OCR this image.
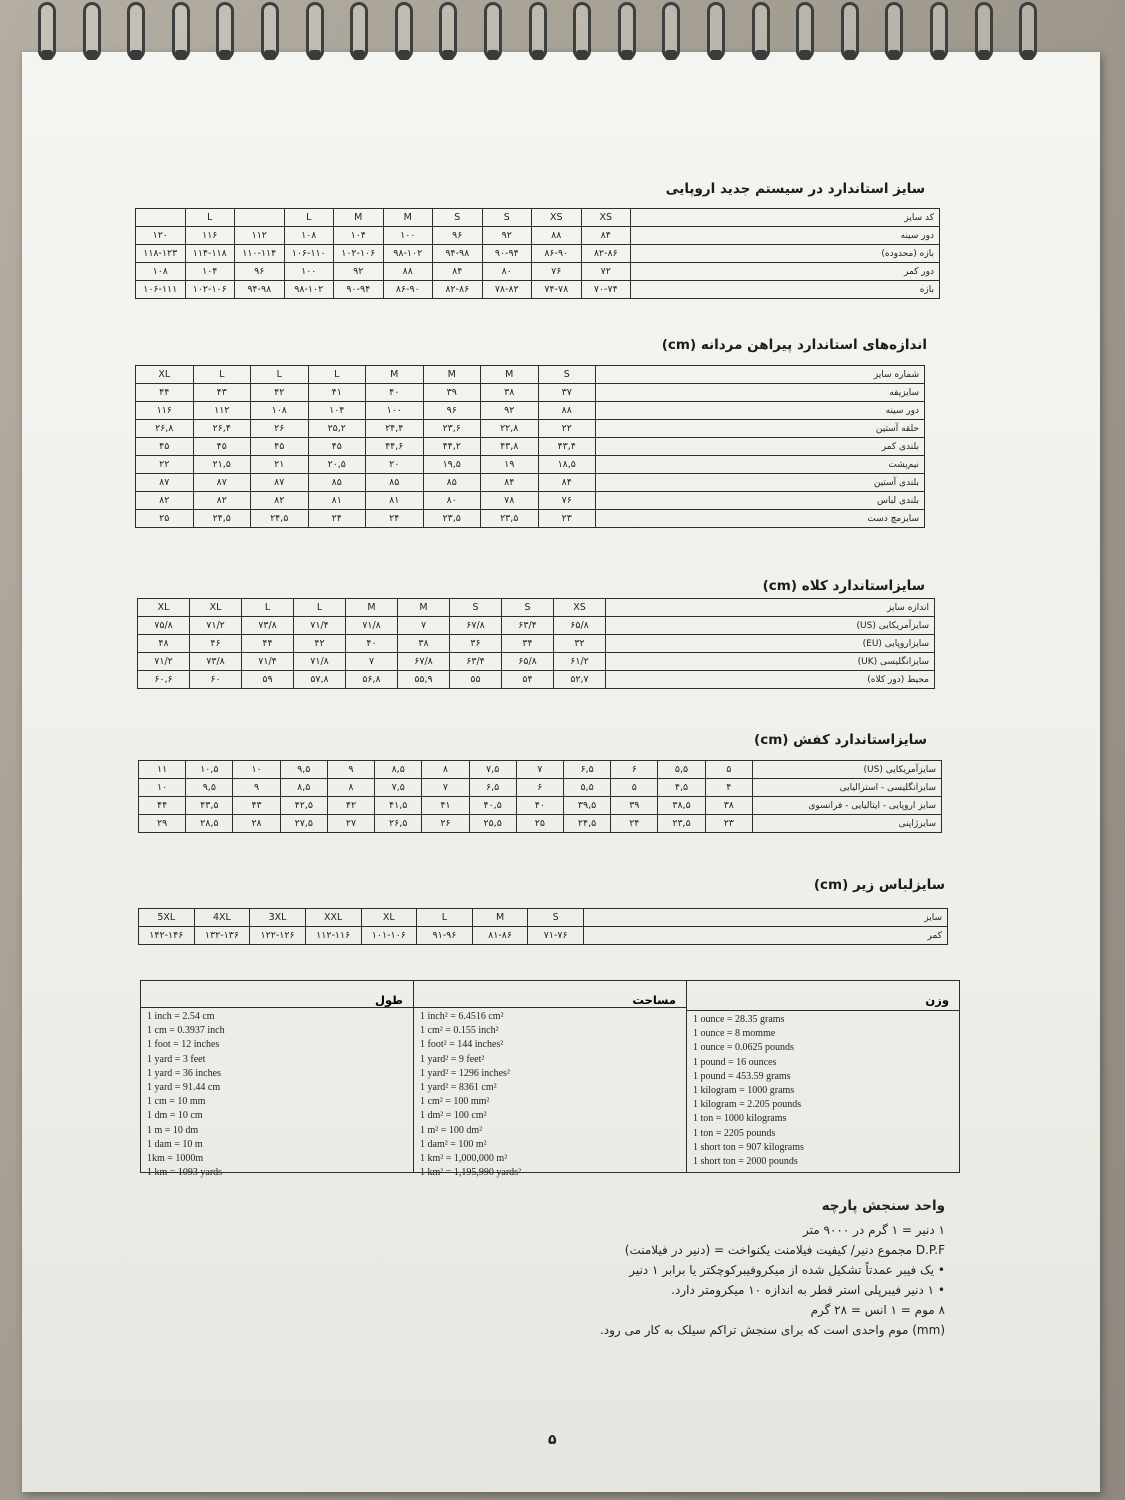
سایز استاندارد در سیستم جدید اروپایی
	L		L	M	M	S	S	XS	XS	کد سایز
۱۲۰	۱۱۶	۱۱۲	۱۰۸	۱۰۴	۱۰۰	۹۶	۹۲	۸۸	۸۴	دور سینه
۱۱۸-۱۲۳	۱۱۴-۱۱۸	۱۱۰-۱۱۴	۱۰۶-۱۱۰	۱۰۲-۱۰۶	۹۸-۱۰۲	۹۴-۹۸	۹۰-۹۴	۸۶-۹۰	۸۲-۸۶	بازه (محدوده)
۱۰۸	۱۰۴	۹۶	۱۰۰	۹۲	۸۸	۸۴	۸۰	۷۶	۷۲	دور کمر
۱۰۶-۱۱۱	۱۰۲-۱۰۶	۹۴-۹۸	۹۸-۱۰۲	۹۰-۹۴	۸۶-۹۰	۸۲-۸۶	۷۸-۸۲	۷۴-۷۸	۷۰-۷۴	بازه
اندازه‌های استاندارد پیراهن مردانه (cm)
XL	L	L	L	M	M	M	S	شماره سایز
۴۴	۴۳	۴۲	۴۱	۴۰	۳۹	۳۸	۳۷	سایزیقه
۱۱۶	۱۱۲	۱۰۸	۱۰۴	۱۰۰	۹۶	۹۲	۸۸	دور سینه
۲۶,۸	۲۶,۴	۲۶	۲۵,۲	۲۴,۴	۲۳,۶	۲۲,۸	۲۲	حلقه آستین
۴۵	۴۵	۴۵	۴۵	۴۴,۶	۴۴,۲	۴۳,۸	۴۳,۴	بلندی کمر
۲۲	۲۱,۵	۲۱	۲۰,۵	۲۰	۱۹,۵	۱۹	۱۸,۵	نیم‌پشت
۸۷	۸۷	۸۷	۸۵	۸۵	۸۵	۸۴	۸۴	بلندی آستین
۸۲	۸۲	۸۲	۸۱	۸۱	۸۰	۷۸	۷۶	بلندی لباس
۲۵	۲۴,۵	۲۴,۵	۲۴	۲۴	۲۳,۵	۲۳,۵	۲۳	سایزمچ دست
سایزاستاندارد کلاه (cm)
XL	XL	L	L	M	M	S	S	XS	اندازه سایز
۷۵/۸	۷۱/۲	۷۳/۸	۷۱/۴	۷۱/۸	۷	۶۷/۸	۶۳/۴	۶۵/۸	سایزآمریکایی (US)
۴۸	۴۶	۴۴	۴۲	۴۰	۳۸	۳۶	۳۴	۳۲	سایزاروپایی (EU)
۷۱/۲	۷۳/۸	۷۱/۴	۷۱/۸	۷	۶۷/۸	۶۳/۴	۶۵/۸	۶۱/۲	سایزانگلیسی (UK)
۶۰,۶	۶۰	۵۹	۵۷,۸	۵۶,۸	۵۵,۹	۵۵	۵۴	۵۲,۷	محیط (دور کلاه)
سایزاستاندارد کفش (cm)
۱۱	۱۰,۵	۱۰	۹,۵	۹	۸,۵	۸	۷,۵	۷	۶,۵	۶	۵,۵	۵	سایزآمریکایی (US)
۱۰	۹,۵	۹	۸,۵	۸	۷,۵	۷	۶,۵	۶	۵,۵	۵	۴,۵	۴	سایزانگلیسی - استرالیایی
۴۴	۴۳,۵	۴۳	۴۲,۵	۴۲	۴۱,۵	۴۱	۴۰,۵	۴۰	۳۹,۵	۳۹	۳۸,۵	۳۸	سایز اروپایی - ایتالیایی - فرانسوی
۲۹	۲۸,۵	۲۸	۲۷,۵	۲۷	۲۶,۵	۲۶	۲۵,۵	۲۵	۲۴,۵	۲۴	۲۳,۵	۲۳	سایزژاپنی
سایزلباس زیر (cm)
5XL	4XL	3XL	XXL	XL	L	M	S	سایز
۱۴۲-۱۴۶	۱۳۲-۱۳۶	۱۲۲-۱۲۶	۱۱۲-۱۱۶	۱۰۱-۱۰۶	۹۱-۹۶	۸۱-۸۶	۷۱-۷۶	کمر
وزن
1 ounce = 28.35 grams
1 ounce = 8 momme
1 ounce = 0.0625 pounds
1 pound = 16 ounces
1 pound = 453.59 grams
1 kilogram = 1000 grams
1 kilogram = 2.205 pounds
1 ton = 1000 kilograms
1 ton = 2205 pounds
1 short ton = 907 kilograms
1 short ton = 2000 pounds
مساحت
1 inch² = 6.4516 cm²
1 cm² = 0.155 inch²
1 foot² = 144 inches²
1 yard² = 9 feet²
1 yard² = 1296 inches²
1 yard² = 8361 cm²
1 cm² = 100 mm²
1 dm² = 100 cm²
1 m² = 100 dm²
1 dam² = 100 m²
1 km² = 1,000,000 m²
1 km² = 1,195,990 yards²
طول
1 inch = 2.54 cm
1 cm = 0.3937 inch
1 foot = 12 inches
1 yard = 3 feet
1 yard = 36 inches
1 yard = 91.44 cm
1 cm = 10 mm
1 dm = 10 cm
1 m = 10 dm
1 dam = 10 m
1km = 1000m
1 km = 1093 yards
واحد سنجش پارچه
۱ دنیر = ۱ گرم در ۹۰۰۰ متر
D.P.F مجموع دنیر/ کیفیت فیلامنت یکنواخت = (دنیر در فیلامنت)
• یک فیبر عمدتاً تشکیل شده از میکروفیبرکوچکتر یا برابر ۱ دنیر
• ۱ دنیر فیبرپلی استر قطر به اندازه ۱۰ میکرومتر دارد.
۸ موم = ۱ انس = ۲۸ گرم
(mm) موم واحدی است که برای سنجش تراکم سیلک به کار می رود.
۵
